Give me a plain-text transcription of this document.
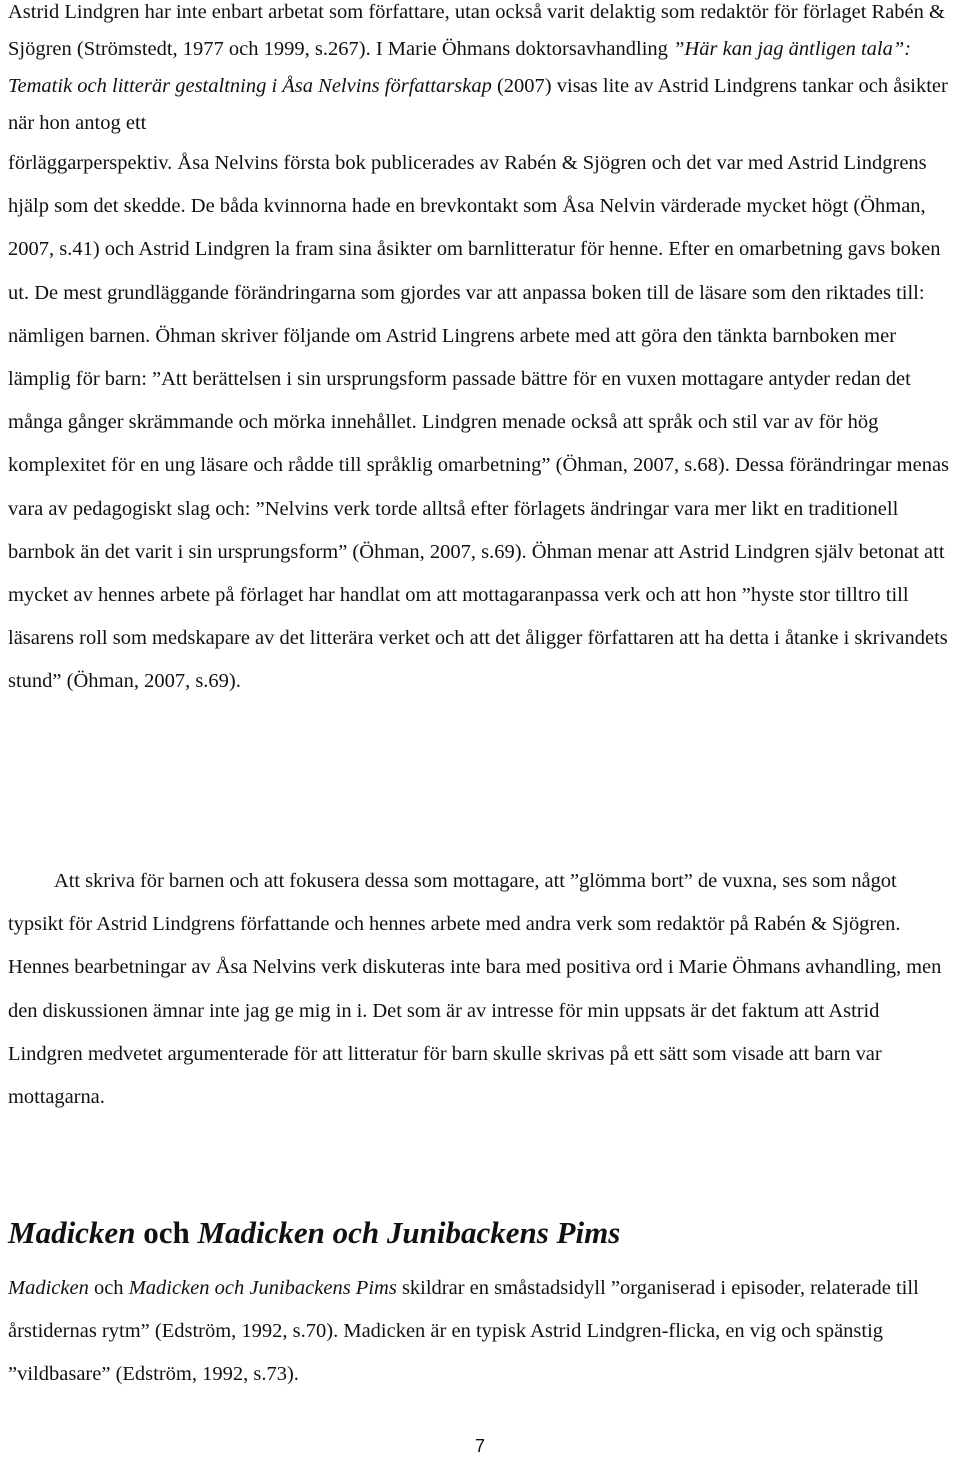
Astrid Lindgren har inte enbart arbetat som författare, utan också varit delaktig som redaktör för förlaget Rabén & Sjögren (Strömstedt, 1977 och 1999, s.267). I Marie Öhmans doktorsavhandling ”Här kan jag äntligen tala”: Tematik och litterär gestaltning i Åsa Nelvins författarskap (2007) visas lite av Astrid Lindgrens tankar och åsikter när hon antog ett

förläggarperspektiv. Åsa Nelvins första bok publicerades av Rabén & Sjögren och det var med Astrid Lindgrens hjälp som det skedde. De båda kvinnorna hade en brevkontakt som Åsa Nelvin värderade mycket högt (Öhman, 2007, s.41) och Astrid Lindgren la fram sina åsikter om barnlitteratur för henne. Efter en omarbetning gavs boken ut. De mest grundläggande förändringarna som gjordes var att anpassa boken till de läsare som den riktades till: nämligen barnen. Öhman skriver följande om Astrid Lingrens arbete med att göra den tänkta barnboken mer lämplig för barn: ”Att berättelsen i sin ursprungsform passade bättre för en vuxen mottagare antyder redan det många gånger skrämmande och mörka innehållet. Lindgren menade också att språk och stil var av för hög komplexitet för en ung läsare och rådde till språklig omarbetning” (Öhman, 2007, s.68). Dessa förändringar menas vara av pedagogiskt slag och: ”Nelvins verk torde alltså efter förlagets ändringar vara mer likt en traditionell barnbok än det varit i sin ursprungsform” (Öhman, 2007, s.69). Öhman menar att Astrid Lindgren själv betonat att mycket av hennes arbete på förlaget har handlat om att mottagaranpassa verk och att hon ”hyste stor tilltro till läsarens roll som medskapare av det litterära verket och att det åligger författaren att ha detta i åtanke i skrivandets stund” (Öhman, 2007, s.69).

Att skriva för barnen och att fokusera dessa som mottagare, att ”glömma bort” de vuxna, ses som något typsikt för Astrid Lindgrens författande och hennes arbete med andra verk som redaktör på Rabén & Sjögren. Hennes bearbetningar av Åsa Nelvins verk diskuteras inte bara med positiva ord i Marie Öhmans avhandling, men den diskussionen ämnar inte jag ge mig in i. Det som är av intresse för min uppsats är det faktum att Astrid Lindgren medvetet argumenterade för att litteratur för barn skulle skrivas på ett sätt som visade att barn var mottagarna.

Madicken och Madicken och Junibackens Pims

Madicken och Madicken och Junibackens Pims skildrar en småstadsidyll ”organiserad i episoder, relaterade till årstidernas rytm” (Edström, 1992, s.70). Madicken är en typisk Astrid Lindgren-flicka, en vig och spänstig ”vildbasare” (Edström, 1992, s.73).

7
